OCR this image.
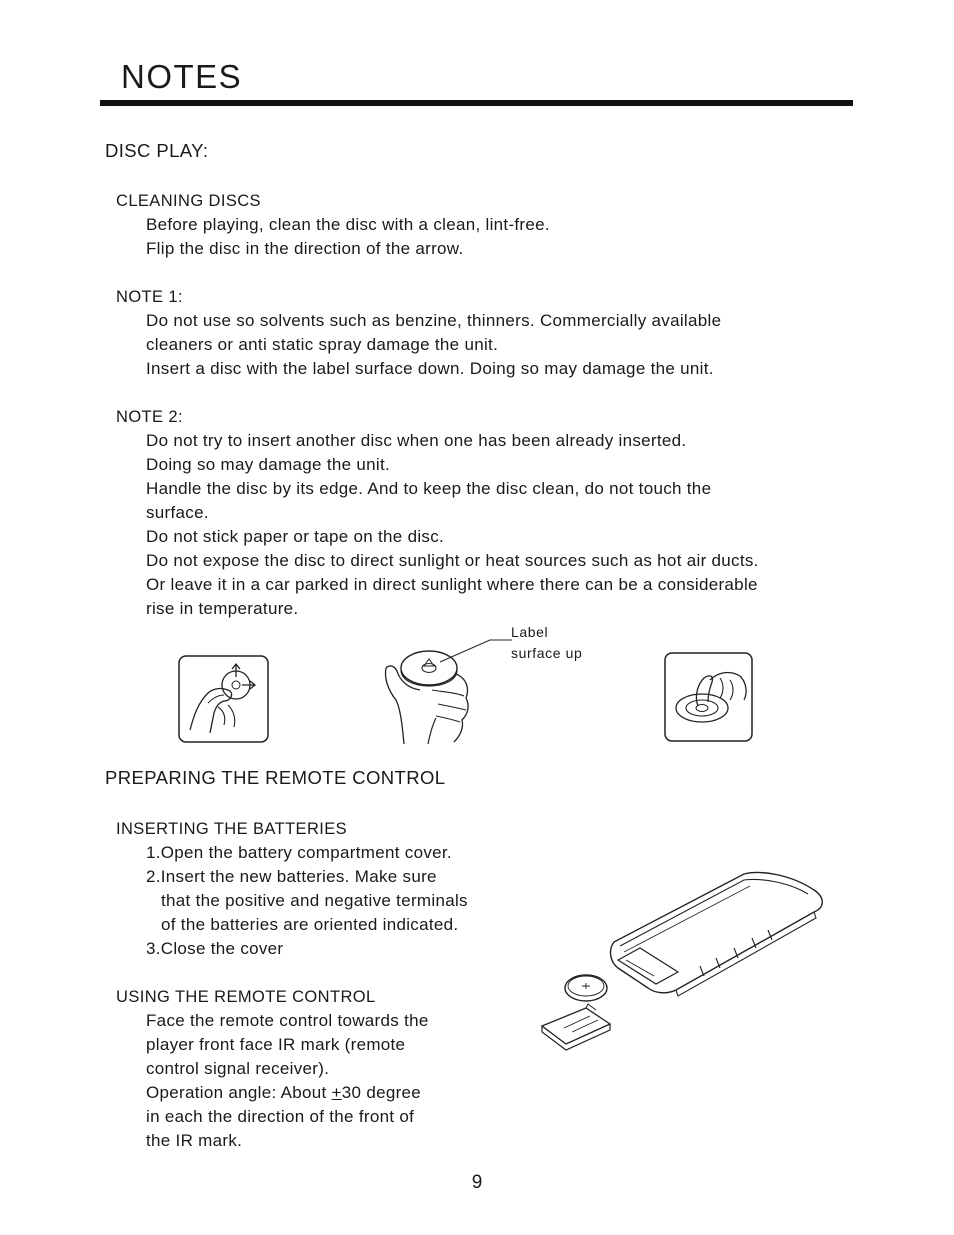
NOTES
DISC PLAY:
CLEANING DISCS
Before playing, clean the disc with a clean, lint-free.
Flip the disc in the direction of the arrow.
NOTE 1:
Do not use so solvents such as benzine, thinners. Commercially available
cleaners or anti static spray damage the unit.
Insert a disc with the label surface down. Doing so may damage the unit.
NOTE 2:
Do not try to insert another disc when one has been already inserted.
Doing so may damage the unit.
Handle the disc by its edge. And to keep the disc clean, do not touch the
surface.
Do not stick paper or tape on the disc.
Do not expose the disc to direct sunlight or heat sources such as hot air ducts.
Or leave it in a car parked in direct sunlight where there can be a considerable
rise in temperature.
Label
surface up
PREPARING THE REMOTE CONTROL
INSERTING THE BATTERIES
1.Open the battery compartment cover.
2.Insert the new batteries. Make sure
that the positive and negative terminals
of the batteries are oriented indicated.
3.Close the cover
USING THE REMOTE CONTROL
Face the remote control towards the
player front face IR mark (remote
control signal receiver).
Operation angle: About +30 degree
in each the direction of the front of
the IR mark.
9
